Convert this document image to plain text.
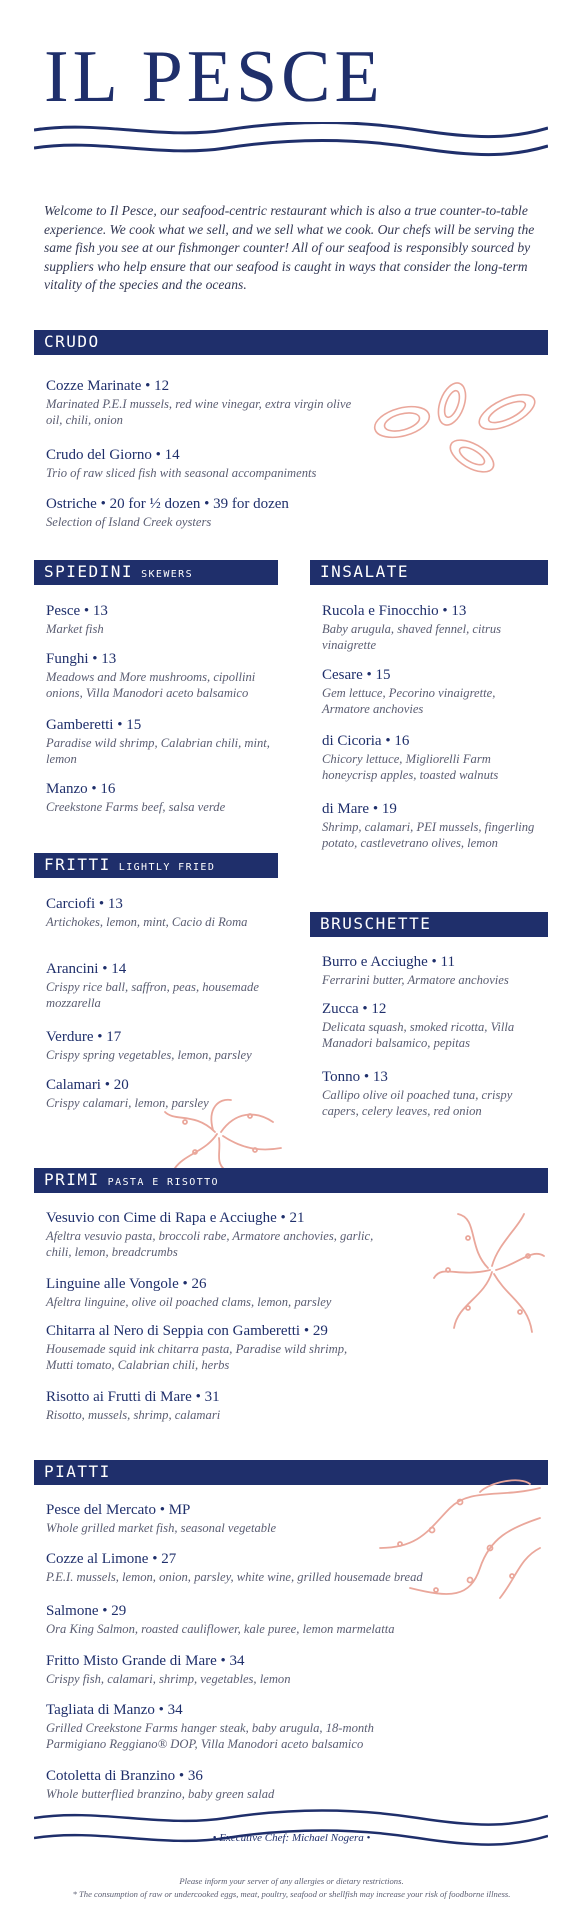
IL PESCE

Welcome to Il Pesce, our seafood-centric restaurant which is also a true counter-to-table experience. We cook what we sell, and we sell what we cook. Our chefs will be serving the same fish you see at our fishmonger counter! All of our seafood is responsibly sourced by suppliers who help ensure that our seafood is caught in ways that consider the long-term vitality of the species and the oceans.

CRUDO
Cozze Marinate • 12
Marinated P.E.I mussels, red wine vinegar, extra virgin olive oil, chili, onion
Crudo del Giorno • 14
Trio of raw sliced fish with seasonal accompaniments
Ostriche • 20 for ½ dozen • 39 for dozen
Selection of Island Creek oysters
SPIEDINI SKEWERS
Pesce • 13
Market fish
Funghi • 13
Meadows and More mushrooms, cipollini onions, Villa Manodori aceto balsamico
Gamberetti • 15
Paradise wild shrimp, Calabrian chili, mint, lemon
Manzo • 16
Creekstone Farms beef, salsa verde
INSALATE
Rucola e Finocchio • 13
Baby arugula, shaved fennel, citrus vinaigrette
Cesare • 15
Gem lettuce, Pecorino vinaigrette, Armatore anchovies
di Cicoria • 16
Chicory lettuce, Migliorelli Farm honeycrisp apples, toasted walnuts
di Mare • 19
Shrimp, calamari, PEI mussels, fingerling potato, castlevetrano olives, lemon
FRITTI LIGHTLY FRIED
Carciofi • 13
Artichokes, lemon, mint, Cacio di Roma
Arancini • 14
Crispy rice ball, saffron, peas, housemade mozzarella
Verdure • 17
Crispy spring vegetables, lemon, parsley
Calamari • 20
Crispy calamari, lemon, parsley
BRUSCHETTE
Burro e Acciughe • 11
Ferrarini butter, Armatore anchovies
Zucca • 12
Delicata squash, smoked ricotta, Villa Manadori balsamico, pepitas
Tonno • 13
Callipo olive oil poached tuna, crispy capers, celery leaves, red onion
PRIMI PASTA E RISOTTO
Vesuvio con Cime di Rapa e Acciughe • 21
Afeltra vesuvio pasta, broccoli rabe, Armatore anchovies, garlic, chili, lemon, breadcrumbs
Linguine alle Vongole • 26
Afeltra linguine, olive oil poached clams, lemon, parsley
Chitarra al Nero di Seppia con Gamberetti • 29
Housemade squid ink chitarra pasta, Paradise wild shrimp, Mutti tomato, Calabrian chili, herbs
Risotto ai Frutti di Mare • 31
Risotto, mussels, shrimp, calamari
PIATTI
Pesce del Mercato • MP
Whole grilled market fish, seasonal vegetable
Cozze al Limone • 27
P.E.I. mussels, lemon, onion, parsley, white wine, grilled housemade bread
Salmone • 29
Ora King Salmon, roasted cauliflower, kale puree, lemon marmelatta
Fritto Misto Grande di Mare • 34
Crispy fish, calamari, shrimp, vegetables, lemon
Tagliata di Manzo • 34
Grilled Creekstone Farms hanger steak, baby arugula, 18-month Parmigiano Reggiano® DOP, Villa Manodori aceto balsamico
Cotoletta di Branzino • 36
Whole butterflied branzino, baby green salad
• Executive Chef: Michael Nogera •
Please inform your server of any allergies or dietary restrictions.
* The consumption of raw or undercooked eggs, meat, poultry, seafood or shellfish may increase your risk of foodborne illness.
